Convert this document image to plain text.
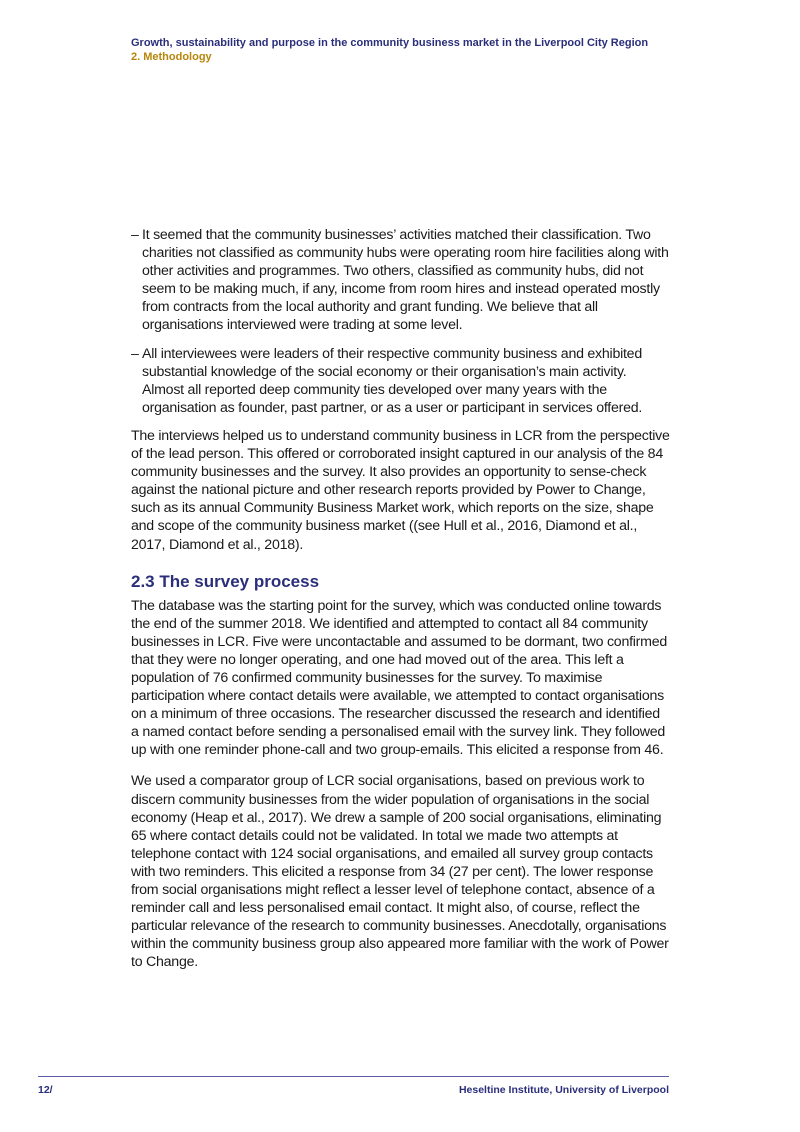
Growth, sustainability and purpose in the community business market in the Liverpool City Region
2. Methodology
– It seemed that the community businesses’ activities matched their classification. Two charities not classified as community hubs were operating room hire facilities along with other activities and programmes. Two others, classified as community hubs, did not seem to be making much, if any, income from room hires and instead operated mostly from contracts from the local authority and grant funding. We believe that all organisations interviewed were trading at some level.
– All interviewees were leaders of their respective community business and exhibited substantial knowledge of the social economy or their organisation’s main activity. Almost all reported deep community ties developed over many years with the organisation as founder, past partner, or as a user or participant in services offered.

The interviews helped us to understand community business in LCR from the perspective of the lead person. This offered or corroborated insight captured in our analysis of the 84 community businesses and the survey. It also provides an opportunity to sense-check against the national picture and other research reports provided by Power to Change, such as its annual Community Business Market work, which reports on the size, shape and scope of the community business market ((see Hull et al., 2016, Diamond et al., 2017, Diamond et al., 2018).

2.3 The survey process

The database was the starting point for the survey, which was conducted online towards the end of the summer 2018. We identified and attempted to contact all 84 community businesses in LCR. Five were uncontactable and assumed to be dormant, two confirmed that they were no longer operating, and one had moved out of the area. This left a population of 76 confirmed community businesses for the survey. To maximise participation where contact details were available, we attempted to contact organisations on a minimum of three occasions. The researcher discussed the research and identified a named contact before sending a personalised email with the survey link. They followed up with one reminder phone-call and two group-emails. This elicited a response from 46.

We used a comparator group of LCR social organisations, based on previous work to discern community businesses from the wider population of organisations in the social economy (Heap et al., 2017). We drew a sample of 200 social organisations, eliminating 65 where contact details could not be validated. In total we made two attempts at telephone contact with 124 social organisations, and emailed all survey group contacts with two reminders. This elicited a response from 34 (27 per cent). The lower response from social organisations might reflect a lesser level of telephone contact, absence of a reminder call and less personalised email contact. It might also, of course, reflect the particular relevance of the research to community businesses. Anecdotally, organisations within the community business group also appeared more familiar with the work of Power to Change.

12/	Heseltine Institute, University of Liverpool
